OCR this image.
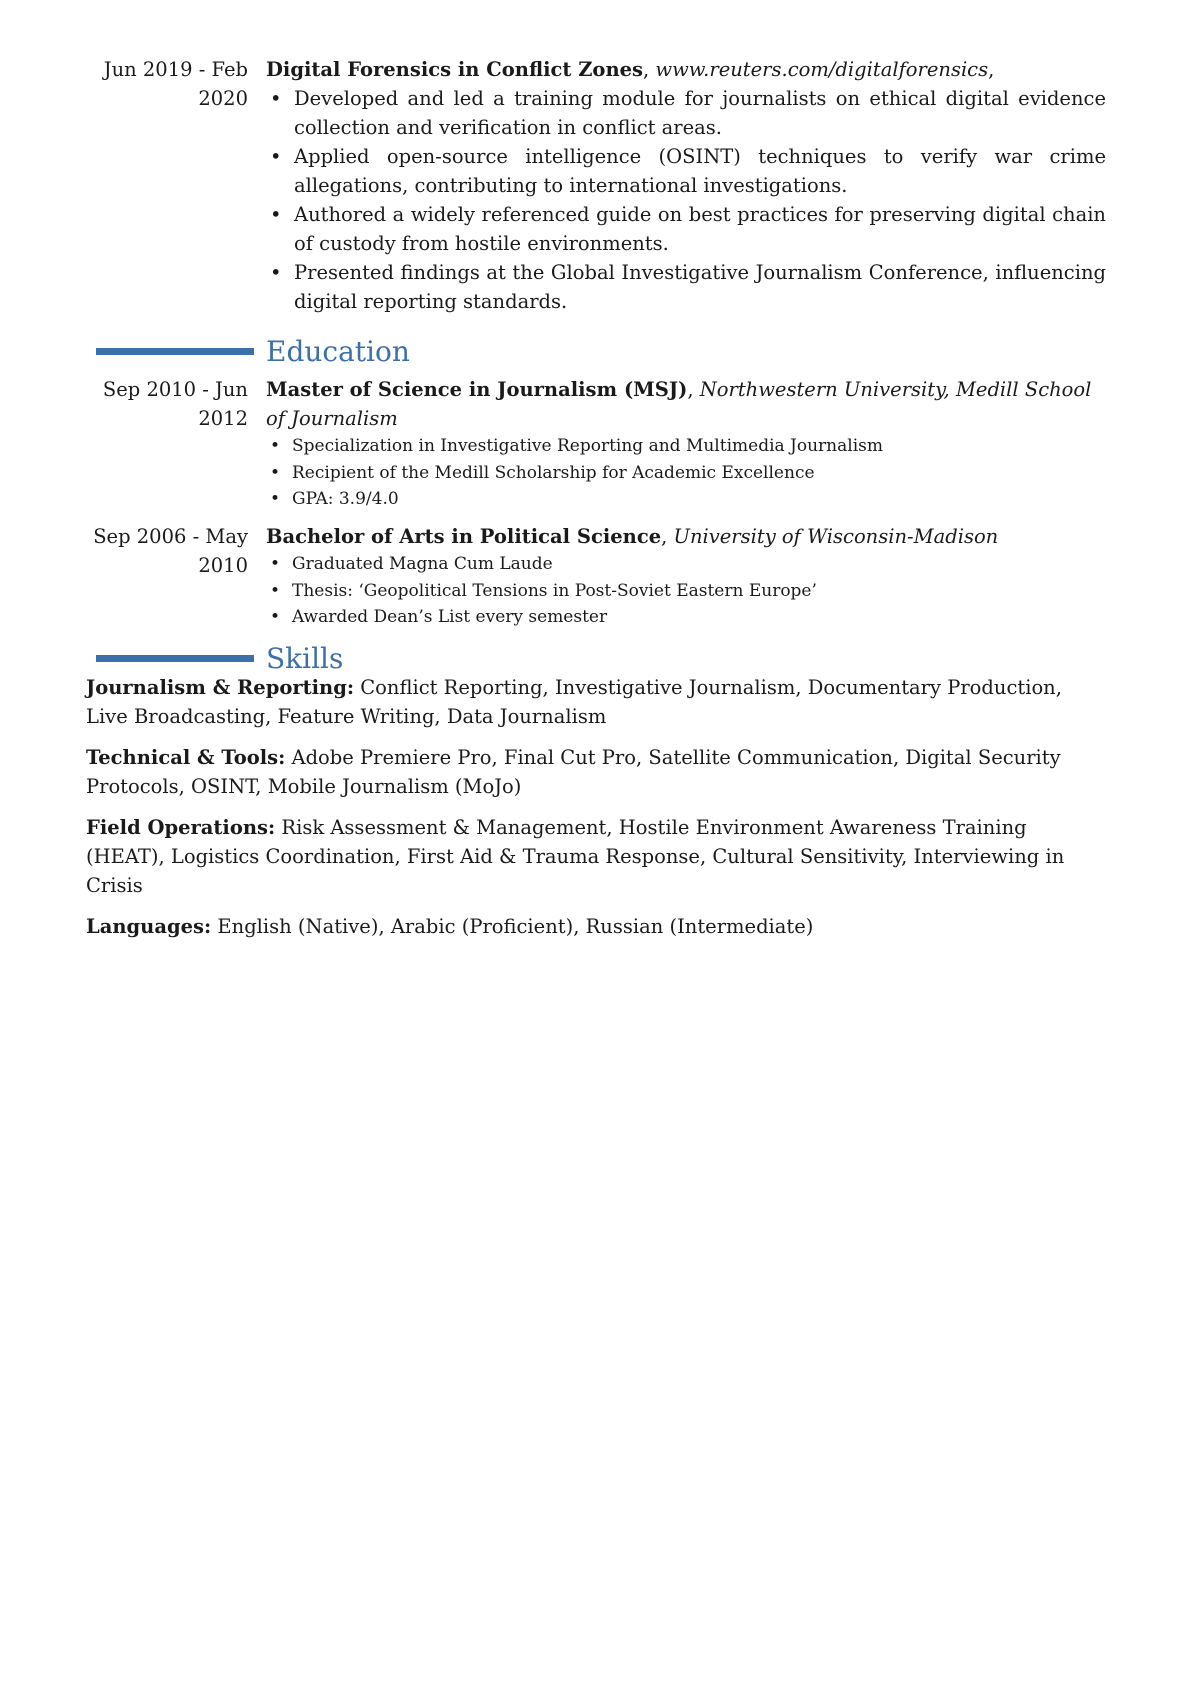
Jun 2019 - Feb
2020

Digital Forensics in Conflict Zones, www.reuters.com/digitalforensics,

• Developed and led a training module for journalists on ethical digital evidence collection and verification in conflict areas.
• Applied open-source intelligence (OSINT) techniques to verify war crime allegations, contributing to international investigations.
• Authored a widely referenced guide on best practices for preserving digital chain of custody from hostile environments.
• Presented findings at the Global Investigative Journalism Conference, influencing digital reporting standards.
Education
Sep 2010 - Jun
2012

Master of Science in Journalism (MSJ), Northwestern University, Medill School of Journalism

• Specialization in Investigative Reporting and Multimedia Journalism
• Recipient of the Medill Scholarship for Academic Excellence
• GPA: 3.9/4.0
Sep 2006 - May
2010

Bachelor of Arts in Political Science, University of Wisconsin-Madison

• Graduated Magna Cum Laude
• Thesis: ‘Geopolitical Tensions in Post-Soviet Eastern Europe’
• Awarded Dean’s List every semester
Skills

Journalism & Reporting: Conflict Reporting, Investigative Journalism, Documentary Production, Live Broadcasting, Feature Writing, Data Journalism

Technical & Tools: Adobe Premiere Pro, Final Cut Pro, Satellite Communication, Digital Security Protocols, OSINT, Mobile Journalism (MoJo)

Field Operations: Risk Assessment & Management, Hostile Environment Awareness Training (HEAT), Logistics Coordination, First Aid & Trauma Response, Cultural Sensitivity, Interviewing in Crisis

Languages: English (Native), Arabic (Proficient), Russian (Intermediate)
